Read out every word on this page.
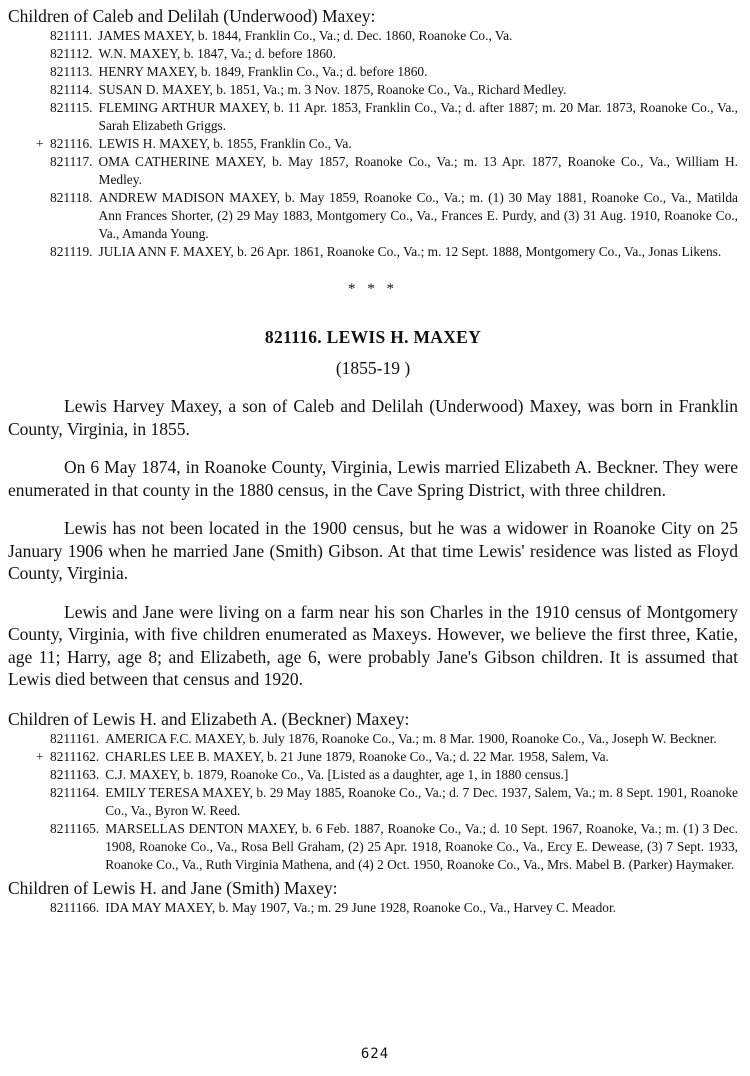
Children of Caleb and Delilah (Underwood) Maxey:

821111. JAMES MAXEY, b. 1844, Franklin Co., Va.; d. Dec. 1860, Roanoke Co., Va.
821112. W.N. MAXEY, b. 1847, Va.; d. before 1860.
821113. HENRY MAXEY, b. 1849, Franklin Co., Va.; d. before 1860.
821114. SUSAN D. MAXEY, b. 1851, Va.; m. 3 Nov. 1875, Roanoke Co., Va., Richard Medley.
821115. FLEMING ARTHUR MAXEY, b. 11 Apr. 1853, Franklin Co., Va.; d. after 1887; m. 20 Mar. 1873, Roanoke Co., Va., Sarah Elizabeth Griggs.
+ 821116. LEWIS H. MAXEY, b. 1855, Franklin Co., Va.
821117. OMA CATHERINE MAXEY, b. May 1857, Roanoke Co., Va.; m. 13 Apr. 1877, Roanoke Co., Va., William H. Medley.
821118. ANDREW MADISON MAXEY, b. May 1859, Roanoke Co., Va.; m. (1) 30 May 1881, Roanoke Co., Va., Matilda Ann Frances Shorter, (2) 29 May 1883, Montgomery Co., Va., Frances E. Purdy, and (3) 31 Aug. 1910, Roanoke Co., Va., Amanda Young.
821119. JULIA ANN F. MAXEY, b. 26 Apr. 1861, Roanoke Co., Va.; m. 12 Sept. 1888, Montgomery Co., Va., Jonas Likens.
* * *
821116. LEWIS H. MAXEY
(1855-19 )

Lewis Harvey Maxey, a son of Caleb and Delilah (Underwood) Maxey, was born in Franklin County, Virginia, in 1855.

On 6 May 1874, in Roanoke County, Virginia, Lewis married Elizabeth A. Beckner. They were enumerated in that county in the 1880 census, in the Cave Spring District, with three children.

Lewis has not been located in the 1900 census, but he was a widower in Roanoke City on 25 January 1906 when he married Jane (Smith) Gibson. At that time Lewis' residence was listed as Floyd County, Virginia.

Lewis and Jane were living on a farm near his son Charles in the 1910 census of Montgomery County, Virginia, with five children enumerated as Maxeys. However, we believe the first three, Katie, age 11; Harry, age 8; and Elizabeth, age 6, were probably Jane's Gibson children. It is assumed that Lewis died between that census and 1920.

Children of Lewis H. and Elizabeth A. (Beckner) Maxey:

8211161. AMERICA F.C. MAXEY, b. July 1876, Roanoke Co., Va.; m. 8 Mar. 1900, Roanoke Co., Va., Joseph W. Beckner.
+ 8211162. CHARLES LEE B. MAXEY, b. 21 June 1879, Roanoke Co., Va.; d. 22 Mar. 1958, Salem, Va.
8211163. C.J. MAXEY, b. 1879, Roanoke Co., Va. [Listed as a daughter, age 1, in 1880 census.]
8211164. EMILY TERESA MAXEY, b. 29 May 1885, Roanoke Co., Va.; d. 7 Dec. 1937, Salem, Va.; m. 8 Sept. 1901, Roanoke Co., Va., Byron W. Reed.
8211165. MARSELLAS DENTON MAXEY, b. 6 Feb. 1887, Roanoke Co., Va.; d. 10 Sept. 1967, Roanoke, Va.; m. (1) 3 Dec. 1908, Roanoke Co., Va., Rosa Bell Graham, (2) 25 Apr. 1918, Roanoke Co., Va., Ercy E. Dewease, (3) 7 Sept. 1933, Roanoke Co., Va., Ruth Virginia Mathena, and (4) 2 Oct. 1950, Roanoke Co., Va., Mrs. Mabel B. (Parker) Haymaker.

Children of Lewis H. and Jane (Smith) Maxey:

8211166. IDA MAY MAXEY, b. May 1907, Va.; m. 29 June 1928, Roanoke Co., Va., Harvey C. Meador.
624
